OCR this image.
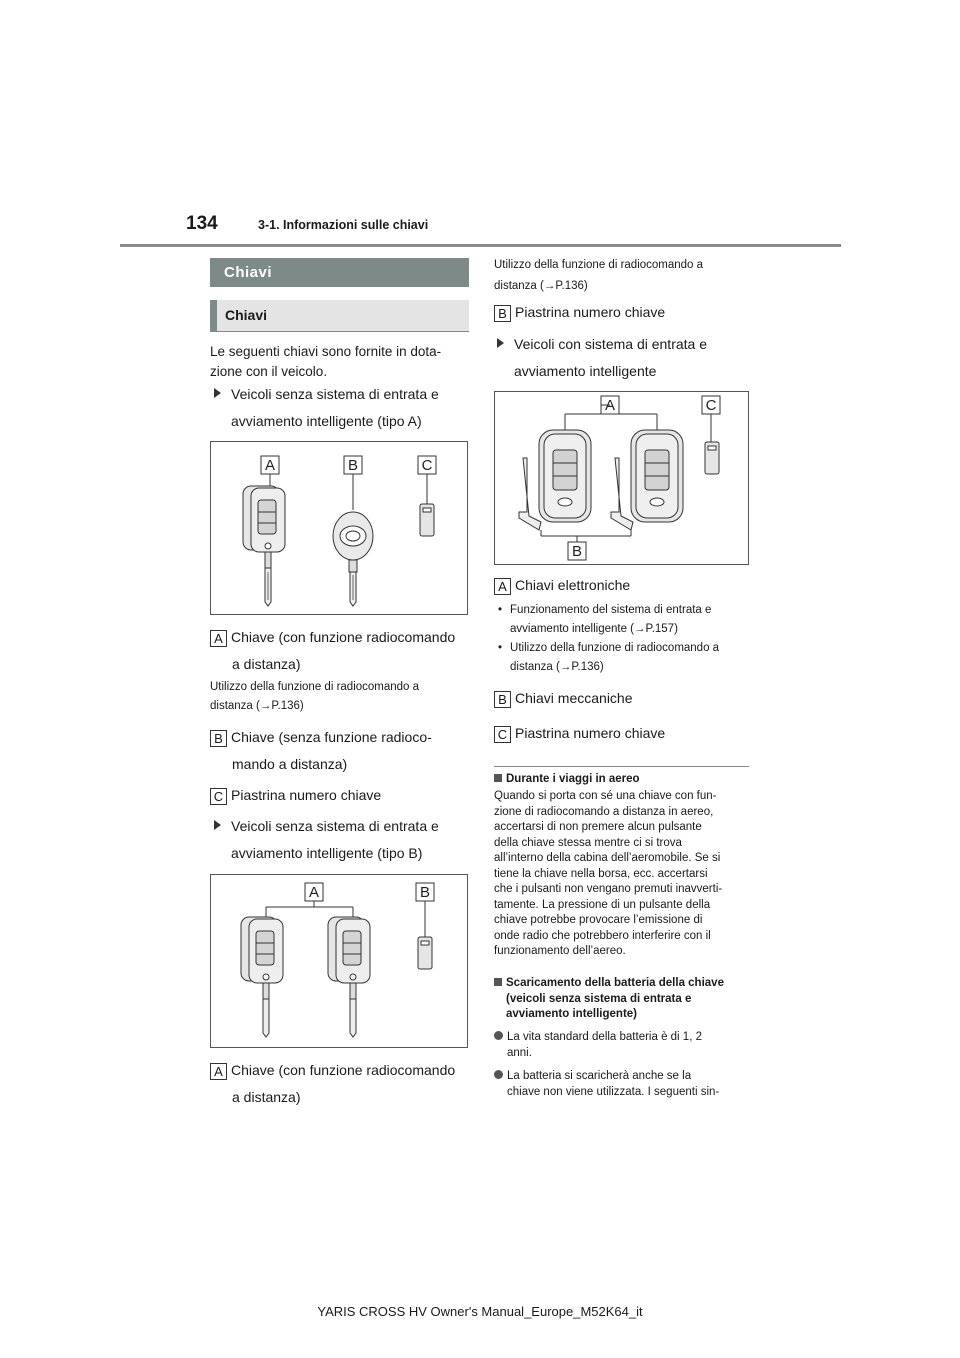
134	3-1. Informazioni sulle chiavi
Chiavi
Chiavi
Le seguenti chiavi sono fornite in dota-
zione con il veicolo.
Veicoli senza sistema di entrata e
avviamento intelligente (tipo A)
A	B	C
A Chiave (con funzione radiocomando
a distanza)
Utilizzo della funzione di radiocomando a
distanza (→P.136)
B Chiave (senza funzione radioco-
mando a distanza)
C Piastrina numero chiave
Veicoli senza sistema di entrata e
avviamento intelligente (tipo B)
A	B
A Chiave (con funzione radiocomando
a distanza)
Utilizzo della funzione di radiocomando a
distanza (→P.136)
B Piastrina numero chiave
Veicoli con sistema di entrata e
avviamento intelligente
A	C
B
A Chiavi elettroniche
• Funzionamento del sistema di entrata e
avviamento intelligente (→P.157)
• Utilizzo della funzione di radiocomando a
distanza (→P.136)
B Chiavi meccaniche
C Piastrina numero chiave
Durante i viaggi in aereo
Quando si porta con sé una chiave con fun-
zione di radiocomando a distanza in aereo,
accertarsi di non premere alcun pulsante
della chiave stessa mentre ci si trova
all’interno della cabina dell’aeromobile. Se si
tiene la chiave nella borsa, ecc. accertarsi
che i pulsanti non vengano premuti inavverti-
tamente. La pressione di un pulsante della
chiave potrebbe provocare l’emissione di
onde radio che potrebbero interferire con il
funzionamento dell’aereo.
Scaricamento della batteria della chiave
(veicoli senza sistema di entrata e
avviamento intelligente)
La vita standard della batteria è di 1, 2
anni.
La batteria si scaricherà anche se la
chiave non viene utilizzata. I seguenti sin-
YARIS CROSS HV Owner's Manual_Europe_M52K64_it
